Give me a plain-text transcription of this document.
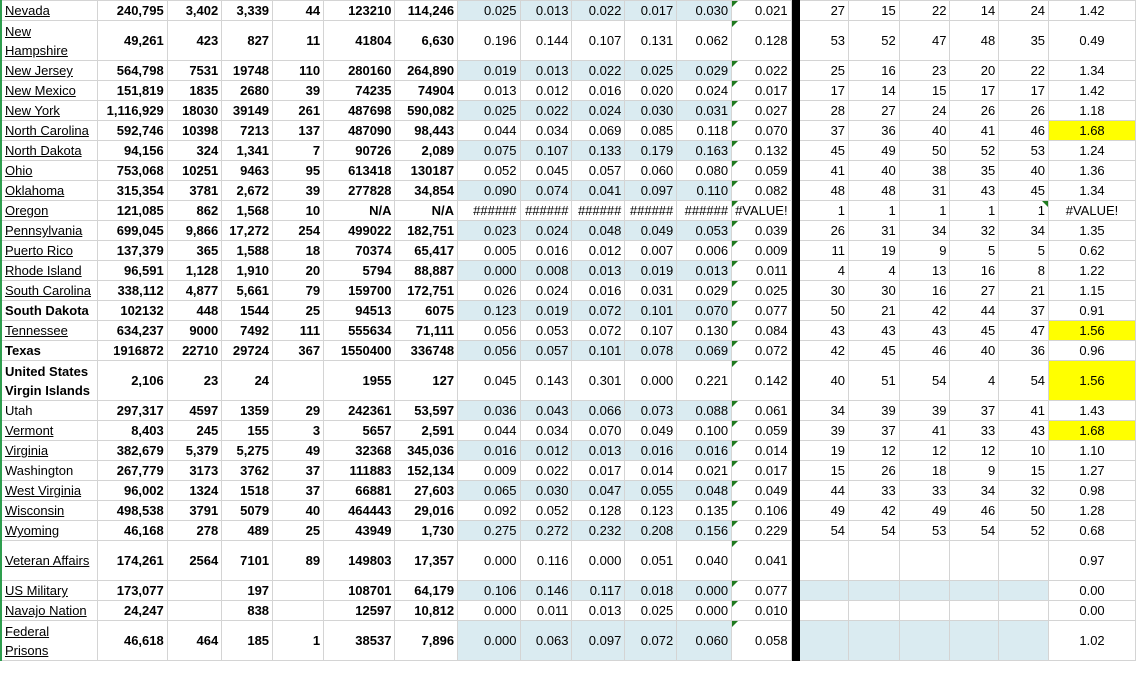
Nevada	240,795	3,402	3,339	44	123210	114,246	0.025	0.013	0.022	0.017	0.030	0.021		27	15	22	14	24	1.42
New Hampshire	49,261	423	827	11	41804	6,630	0.196	0.144	0.107	0.131	0.062	0.128		53	52	47	48	35	0.49
New Jersey	564,798	7531	19748	110	280160	264,890	0.019	0.013	0.022	0.025	0.029	0.022		25	16	23	20	22	1.34
New Mexico	151,819	1835	2680	39	74235	74904	0.013	0.012	0.016	0.020	0.024	0.017		17	14	15	17	17	1.42
New York	1,116,929	18030	39149	261	487698	590,082	0.025	0.022	0.024	0.030	0.031	0.027		28	27	24	26	26	1.18
North Carolina	592,746	10398	7213	137	487090	98,443	0.044	0.034	0.069	0.085	0.118	0.070		37	36	40	41	46	1.68
North Dakota	94,156	324	1,341	7	90726	2,089	0.075	0.107	0.133	0.179	0.163	0.132		45	49	50	52	53	1.24
Ohio	753,068	10251	9463	95	613418	130187	0.052	0.045	0.057	0.060	0.080	0.059		41	40	38	35	40	1.36
Oklahoma	315,354	3781	2,672	39	277828	34,854	0.090	0.074	0.041	0.097	0.110	0.082		48	48	31	43	45	1.34
Oregon	121,085	862	1,568	10	N/A	N/A	######	######	######	######	######	#VALUE!		1	1	1	1	1	#VALUE!
Pennsylvania	699,045	9,866	17,272	254	499022	182,751	0.023	0.024	0.048	0.049	0.053	0.039		26	31	34	32	34	1.35
Puerto Rico	137,379	365	1,588	18	70374	65,417	0.005	0.016	0.012	0.007	0.006	0.009		11	19	9	5	5	0.62
Rhode Island	96,591	1,128	1,910	20	5794	88,887	0.000	0.008	0.013	0.019	0.013	0.011		4	4	13	16	8	1.22
South Carolina	338,112	4,877	5,661	79	159700	172,751	0.026	0.024	0.016	0.031	0.029	0.025		30	30	16	27	21	1.15
South Dakota	102132	448	1544	25	94513	6075	0.123	0.019	0.072	0.101	0.070	0.077		50	21	42	44	37	0.91
Tennessee	634,237	9000	7492	111	555634	71,111	0.056	0.053	0.072	0.107	0.130	0.084		43	43	43	45	47	1.56
Texas	1916872	22710	29724	367	1550400	336748	0.056	0.057	0.101	0.078	0.069	0.072		42	45	46	40	36	0.96
United States Virgin Islands	2,106	23	24		1955	127	0.045	0.143	0.301	0.000	0.221	0.142		40	51	54	4	54	1.56
Utah	297,317	4597	1359	29	242361	53,597	0.036	0.043	0.066	0.073	0.088	0.061		34	39	39	37	41	1.43
Vermont	8,403	245	155	3	5657	2,591	0.044	0.034	0.070	0.049	0.100	0.059		39	37	41	33	43	1.68
Virginia	382,679	5,379	5,275	49	32368	345,036	0.016	0.012	0.013	0.016	0.016	0.014		19	12	12	12	10	1.10
Washington	267,779	3173	3762	37	111883	152,134	0.009	0.022	0.017	0.014	0.021	0.017		15	26	18	9	15	1.27
West Virginia	96,002	1324	1518	37	66881	27,603	0.065	0.030	0.047	0.055	0.048	0.049		44	33	33	34	32	0.98
Wisconsin	498,538	3791	5079	40	464443	29,016	0.092	0.052	0.128	0.123	0.135	0.106		49	42	49	46	50	1.28
Wyoming	46,168	278	489	25	43949	1,730	0.275	0.272	0.232	0.208	0.156	0.229		54	54	53	54	52	0.68
Veteran Affairs	174,261	2564	7101	89	149803	17,357	0.000	0.116	0.000	0.051	0.040	0.041							0.97
US Military	173,077		197		108701	64,179	0.106	0.146	0.117	0.018	0.000	0.077							0.00
Navajo Nation	24,247		838		12597	10,812	0.000	0.011	0.013	0.025	0.000	0.010							0.00
Federal Prisons	46,618	464	185	1	38537	7,896	0.000	0.063	0.097	0.072	0.060	0.058							1.02
